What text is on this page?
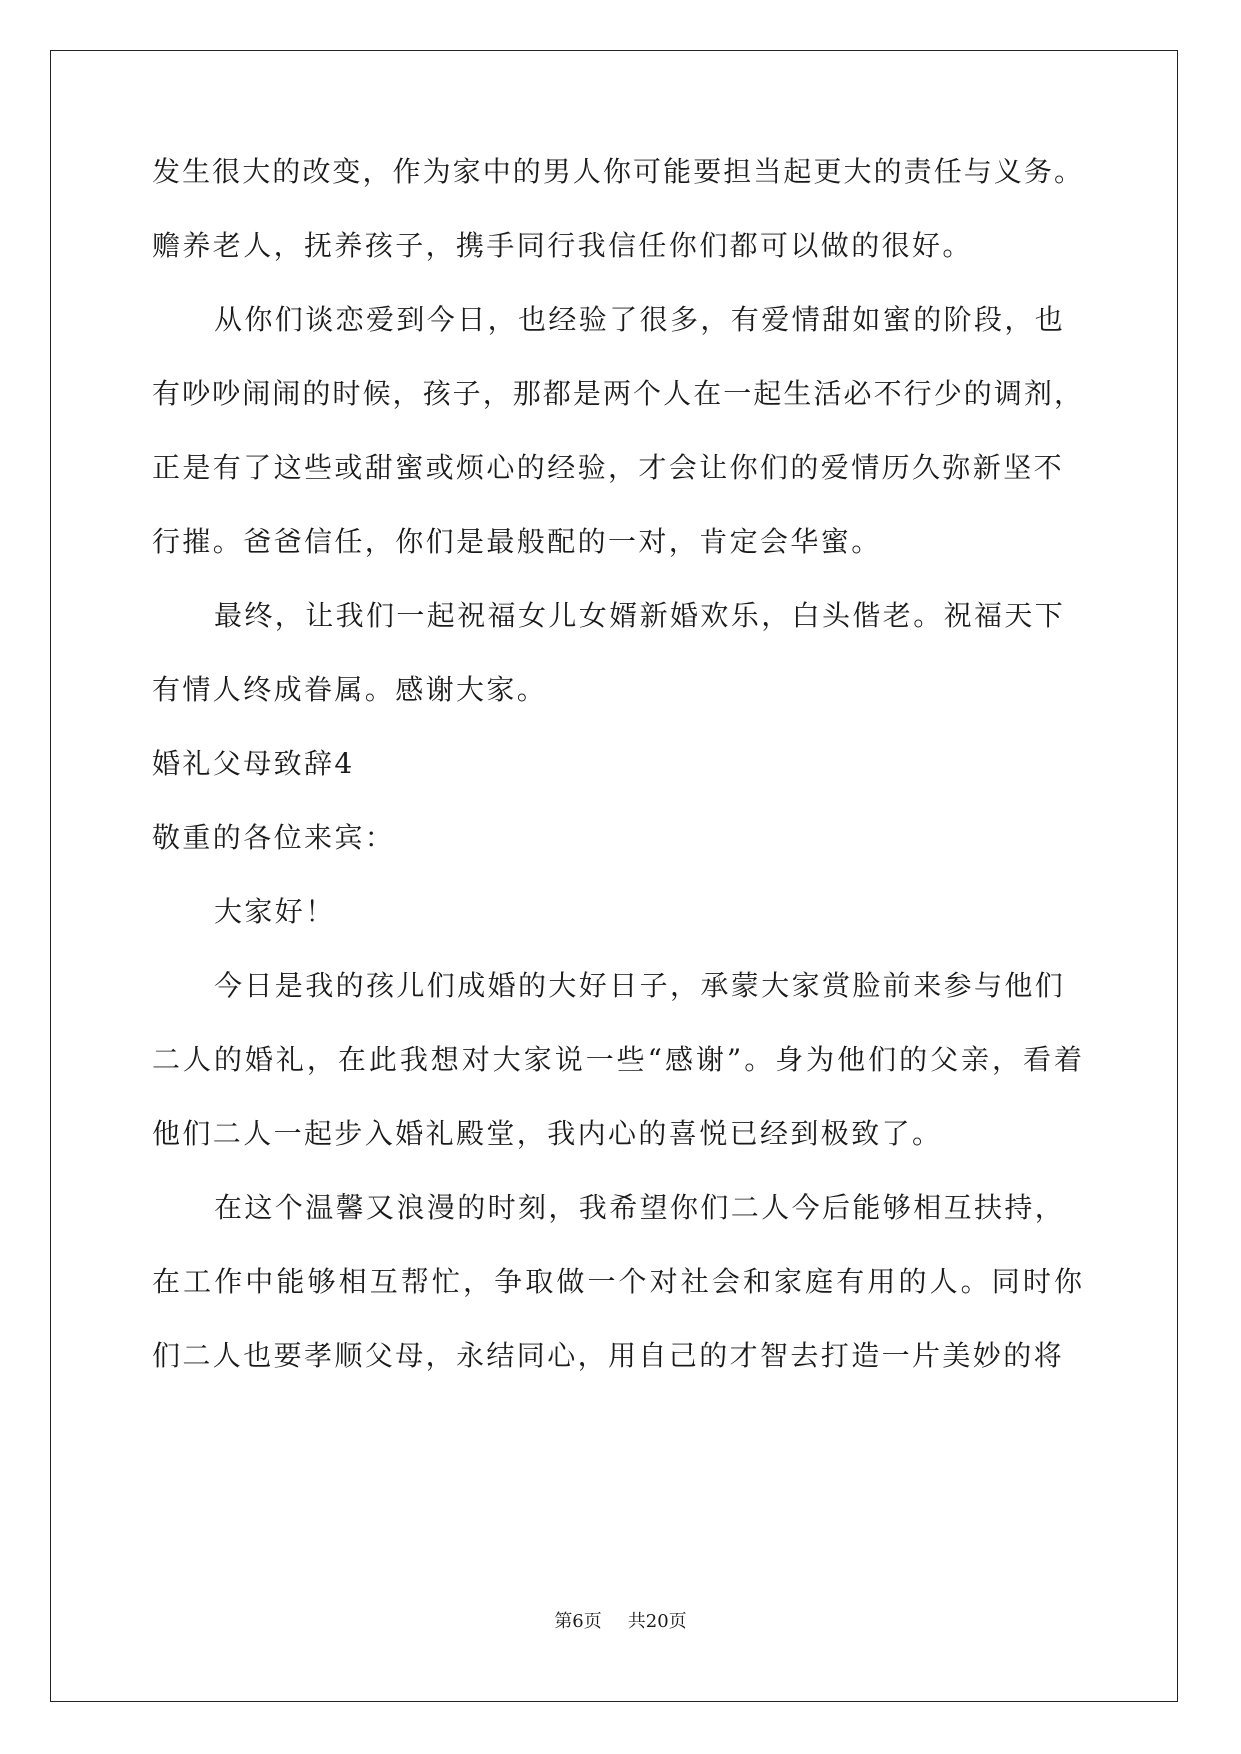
发生很大的改变，作为家中的男人你可能要担当起更大的责任与义务。
赡养老人，抚养孩子，携手同行我信任你们都可以做的很好。
从你们谈恋爱到今日，也经验了很多，有爱情甜如蜜的阶段，也
有吵吵闹闹的时候，孩子，那都是两个人在一起生活必不行少的调剂，
正是有了这些或甜蜜或烦心的经验，才会让你们的爱情历久弥新坚不
行摧。爸爸信任，你们是最般配的一对，肯定会华蜜。
最终，让我们一起祝福女儿女婿新婚欢乐，白头偕老。祝福天下
有情人终成眷属。感谢大家。
婚礼父母致辞4
敬重的各位来宾：
大家好！
今日是我的孩儿们成婚的大好日子，承蒙大家赏脸前来参与他们
二人的婚礼，在此我想对大家说一些“感谢”。身为他们的父亲，看着
他们二人一起步入婚礼殿堂，我内心的喜悦已经到极致了。
在这个温馨又浪漫的时刻，我希望你们二人今后能够相互扶持，
在工作中能够相互帮忙，争取做一个对社会和家庭有用的人。同时你
们二人也要孝顺父母，永结同心，用自己的才智去打造一片美妙的将
第6页 共20页
